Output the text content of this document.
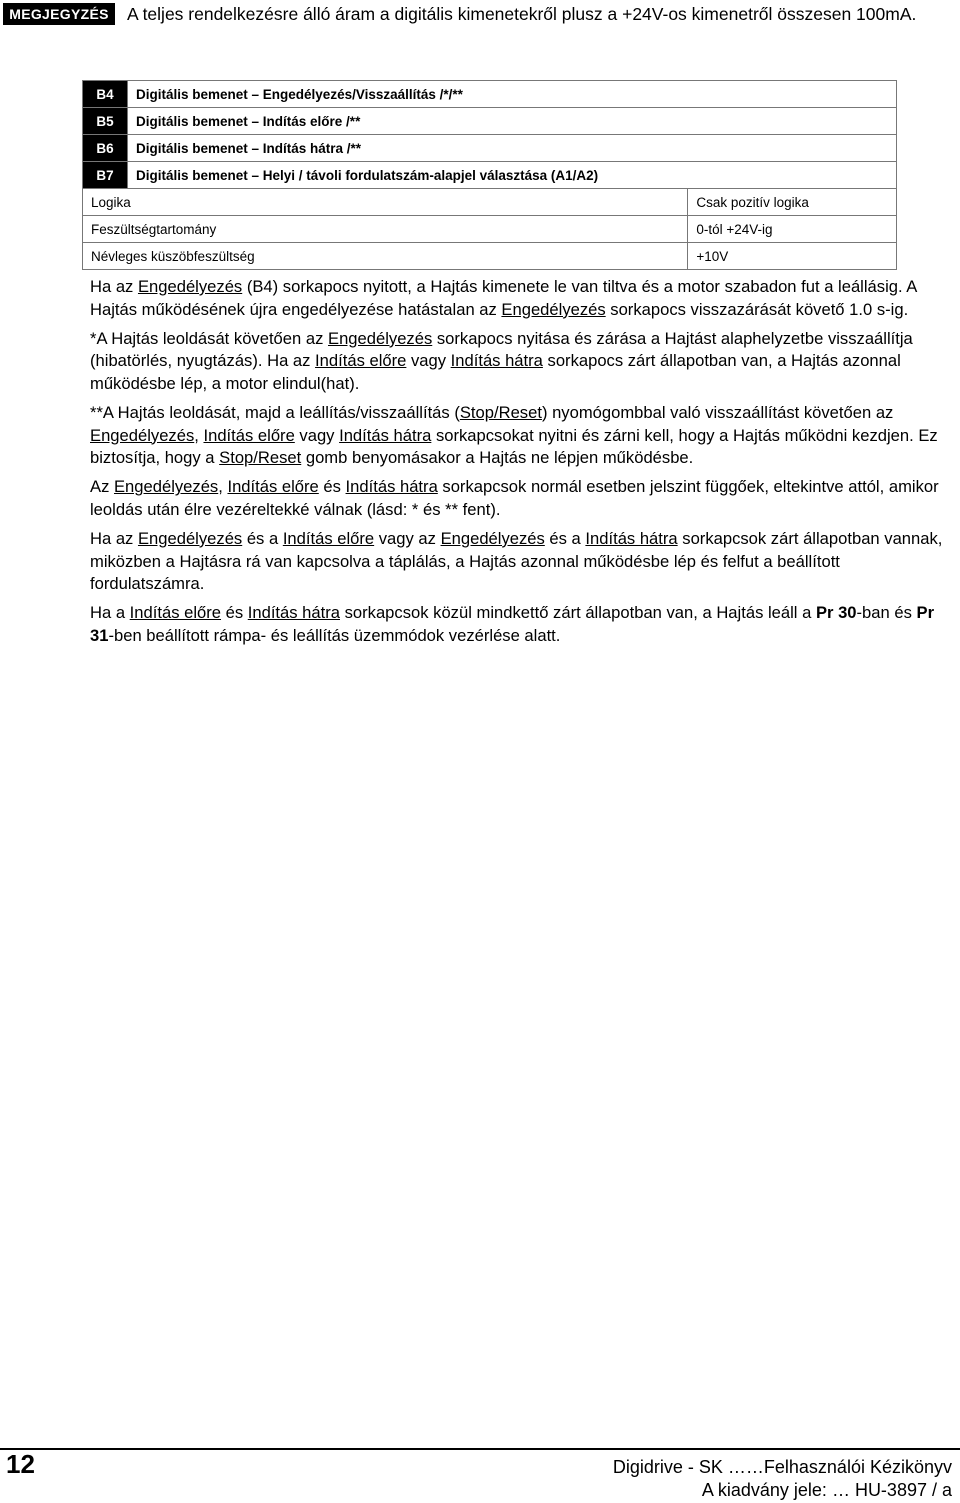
MEGJEGYZÉS	A teljes rendelkezésre álló áram a digitális kimenetekről plusz a +24V-os kimenetről összesen 100mA.
B4	Digitális bemenet – Engedélyezés/Visszaállítás /*/**	
B5	Digitális bemenet – Indítás előre /**	
B6	Digitális bemenet – Indítás hátra /**	
B7	Digitális bemenet – Helyi / távoli fordulatszám-alapjel választása (A1/A2)	
Logika		Csak pozitív logika
Feszültségtartomány		0-tól +24V-ig
Névleges küszöbfeszültség		+10V

Ha az Engedélyezés (B4) sorkapocs nyitott, a Hajtás kimenete le van tiltva és a motor szabadon fut a leállásig. A Hajtás működésének újra engedélyezése hatástalan az Engedélyezés sorkapocs visszazárását követő 1.0 s-ig.

*A Hajtás leoldását követően az Engedélyezés sorkapocs nyitása és zárása a Hajtást alaphelyzetbe visszaállítja (hibatörlés, nyugtázás). Ha az Indítás előre vagy Indítás hátra sorkapocs zárt állapotban van, a Hajtás azonnal működésbe lép, a motor elindul(hat).

**A Hajtás leoldását, majd a leállítás/visszaállítás (Stop/Reset) nyomógombbal való visszaállítást követően az Engedélyezés, Indítás előre vagy Indítás hátra sorkapcsokat nyitni és zárni kell, hogy a Hajtás működni kezdjen. Ez biztosítja, hogy a Stop/Reset gomb benyomásakor a Hajtás ne lépjen működésbe.

Az Engedélyezés, Indítás előre és Indítás hátra sorkapcsok normál esetben jelszint függőek, eltekintve attól, amikor leoldás után élre vezéreltekké válnak (lásd: * és ** fent).

Ha az Engedélyezés és a Indítás előre vagy az Engedélyezés és a Indítás hátra sorkapcsok zárt állapotban vannak, miközben a Hajtásra rá van kapcsolva a táplálás, a Hajtás azonnal működésbe lép és felfut a beállított fordulatszámra.

Ha a Indítás előre és Indítás hátra sorkapcsok közül mindkettő zárt állapotban van, a Hajtás leáll a Pr 30-ban és Pr 31-ben beállított rámpa- és leállítás üzemmódok vezérlése alatt.

12	Digidrive - SK ……Felhasználói Kézikönyv
A kiadvány jele: … HU-3897 / a
